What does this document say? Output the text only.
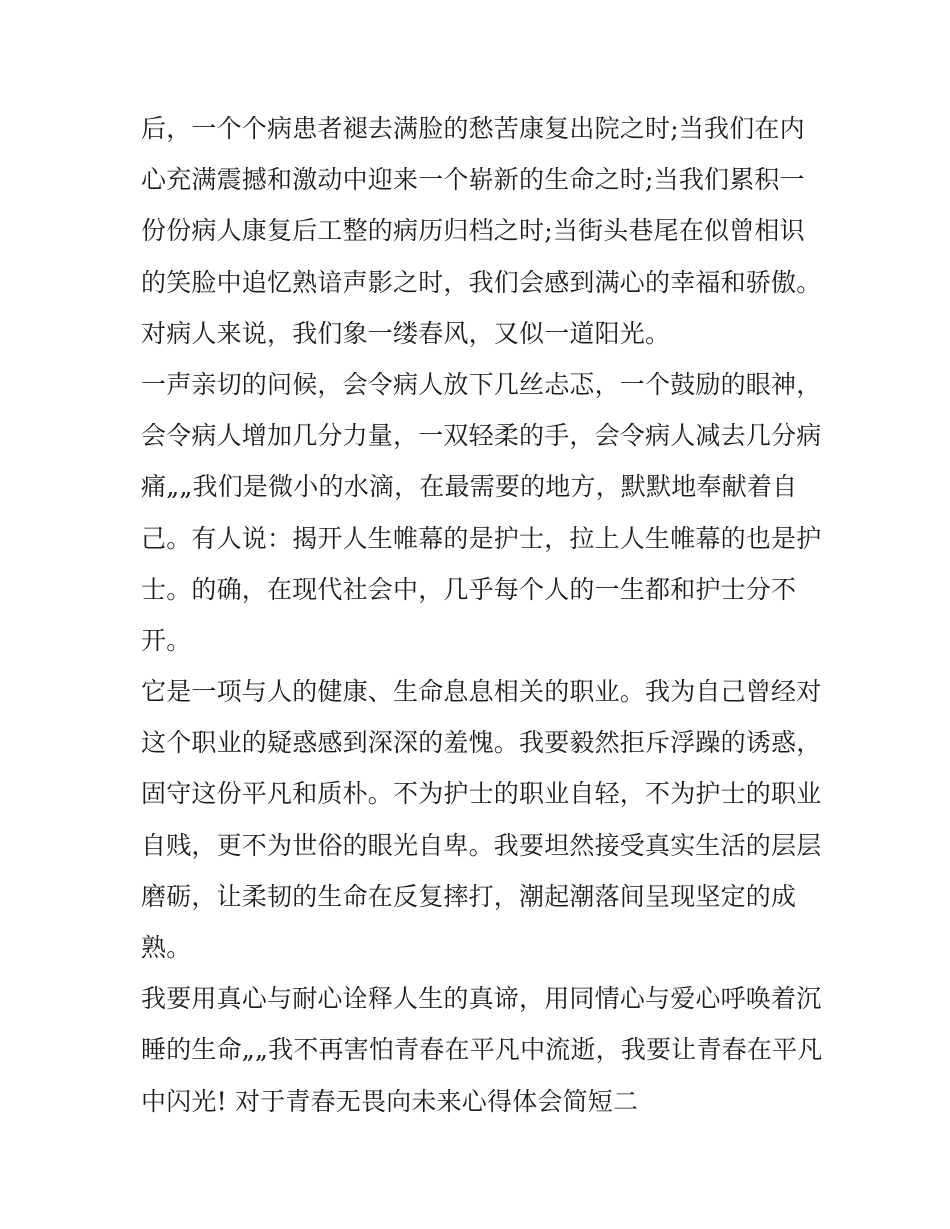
后，一个个病患者褪去满脸的愁苦康复出院之时;当我们在内
心充满震撼和激动中迎来一个崭新的生命之时;当我们累积一
份份病人康复后工整的病历归档之时;当街头巷尾在似曾相识
的笑脸中追忆熟谙声影之时，我们会感到满心的幸福和骄傲。
对病人来说，我们象一缕春风，又似一道阳光。
一声亲切的问候，会令病人放下几丝忐忑，一个鼓励的眼神，
会令病人增加几分力量，一双轻柔的手，会令病人减去几分病
痛„„我们是微小的水滴，在最需要的地方，默默地奉献着自
己。有人说：揭开人生帷幕的是护士，拉上人生帷幕的也是护
士。的确，在现代社会中，几乎每个人的一生都和护士分不
开。
它是一项与人的健康、生命息息相关的职业。我为自己曾经对
这个职业的疑惑感到深深的羞愧。我要毅然拒斥浮躁的诱惑，
固守这份平凡和质朴。不为护士的职业自轻，不为护士的职业
自贱，更不为世俗的眼光自卑。我要坦然接受真实生活的层层
磨砺，让柔韧的生命在反复摔打，潮起潮落间呈现坚定的成
熟。
我要用真心与耐心诠释人生的真谛，用同情心与爱心呼唤着沉
睡的生命„„我不再害怕青春在平凡中流逝，我要让青春在平凡
中闪光! 对于青春无畏向未来心得体会简短二
